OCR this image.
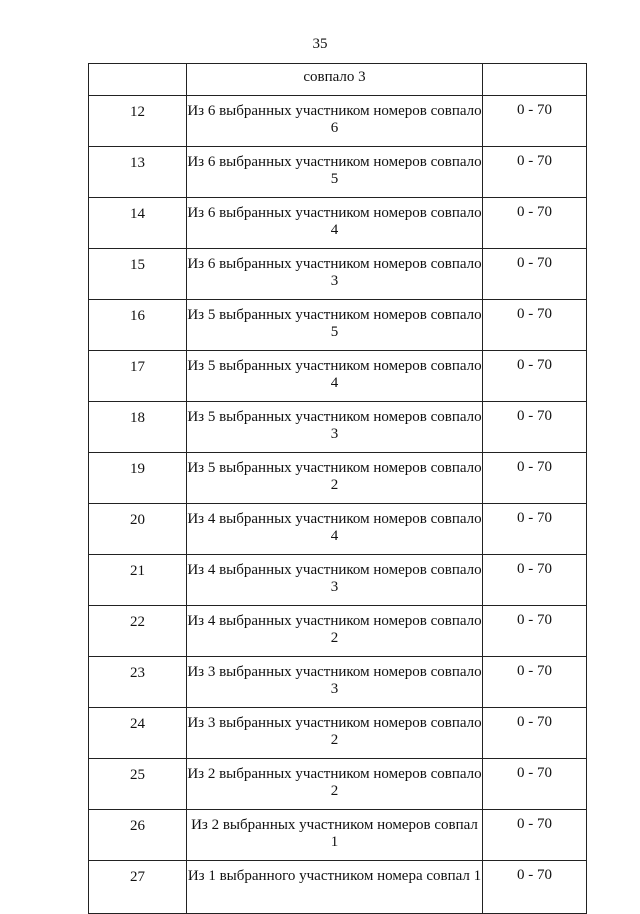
35
	совпало 3	
12	Из 6 выбранных участником номеров совпало 6	0 - 70
13	Из 6 выбранных участником номеров совпало 5	0 - 70
14	Из 6 выбранных участником номеров совпало 4	0 - 70
15	Из 6 выбранных участником номеров совпало 3	0 - 70
16	Из 5 выбранных участником номеров совпало 5	0 - 70
17	Из 5 выбранных участником номеров совпало 4	0 - 70
18	Из 5 выбранных участником номеров совпало 3	0 - 70
19	Из 5 выбранных участником номеров совпало 2	0 - 70
20	Из 4 выбранных участником номеров совпало 4	0 - 70
21	Из 4 выбранных участником номеров совпало 3	0 - 70
22	Из 4 выбранных участником номеров совпало 2	0 - 70
23	Из 3 выбранных участником номеров совпало 3	0 - 70
24	Из 3 выбранных участником номеров совпало 2	0 - 70
25	Из 2 выбранных участником номеров совпало 2	0 - 70
26	Из 2 выбранных участником номеров совпал 1	0 - 70
27	Из 1 выбранного участником номера совпал 1	0 - 70
